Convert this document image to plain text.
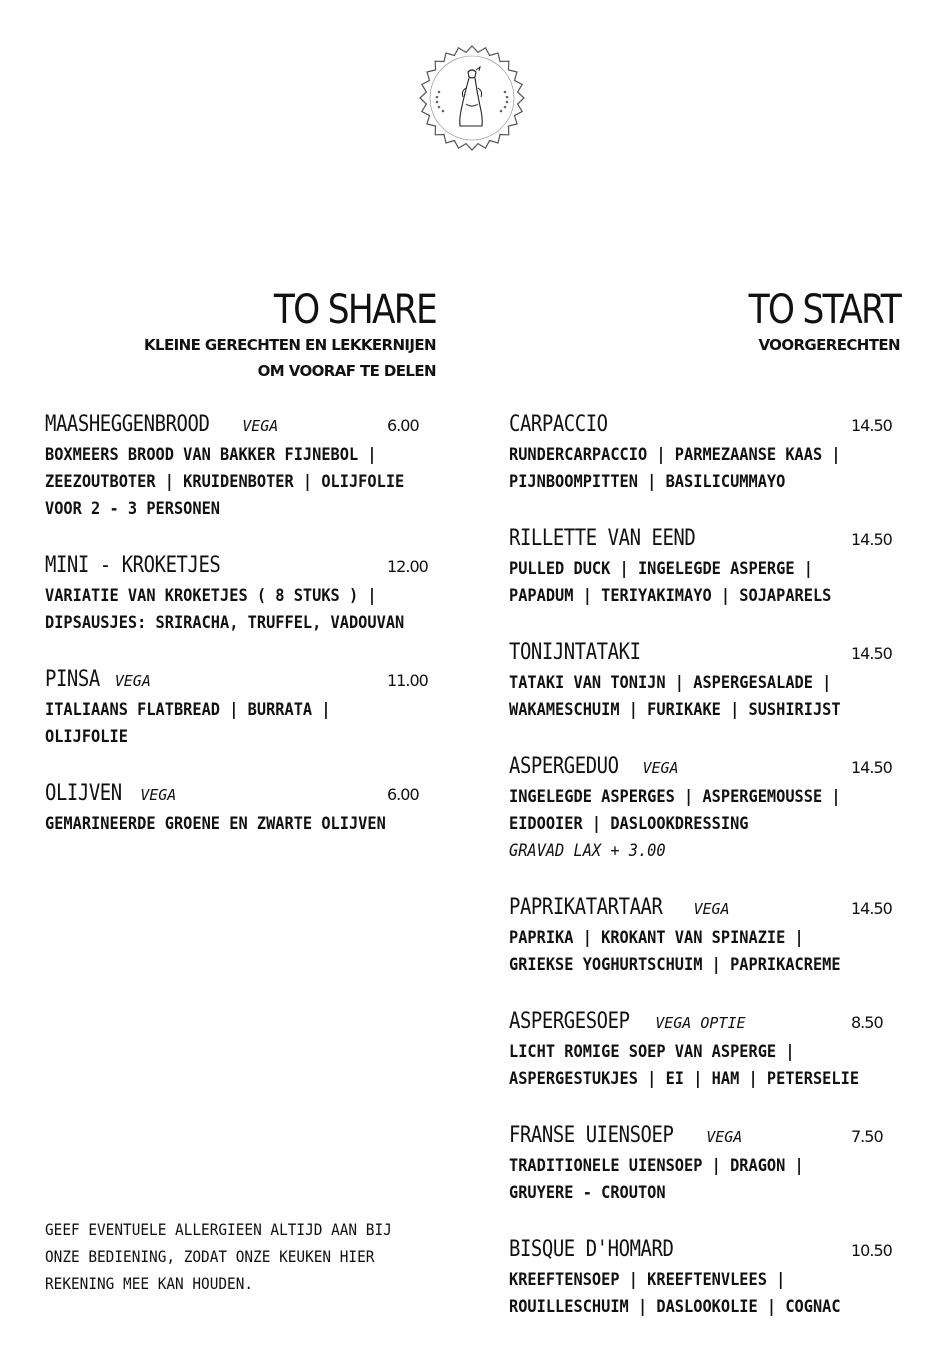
TO SHARE
KLEINE GERECHTEN EN LEKKERNIJEN
OM VOORAF TE DELEN
TO START
VOORGERECHTEN
MAASHEGGENBROOD VEGA	6.00
BOXMEERS BROOD VAN BAKKER FIJNEBOL |
ZEEZOUTBOTER | KRUIDENBOTER | OLIJFOLIE
VOOR 2 - 3 PERSONEN
MINI - KROKETJES	12.00
VARIATIE VAN KROKETJES ( 8 STUKS ) |
DIPSAUSJES: SRIRACHA, TRUFFEL, VADOUVAN
PINSA VEGA	11.00
ITALIAANS FLATBREAD | BURRATA |
OLIJFOLIE
OLIJVEN VEGA	6.00
GEMARINEERDE GROENE EN ZWARTE OLIJVEN
CARPACCIO	14.50
RUNDERCARPACCIO | PARMEZAANSE KAAS |
PIJNBOOMPITTEN | BASILICUMMAYO
RILLETTE VAN EEND	14.50
PULLED DUCK | INGELEGDE ASPERGE |
PAPADUM | TERIYAKIMAYO | SOJAPARELS
TONIJNTATAKI	14.50
TATAKI VAN TONIJN | ASPERGESALADE |
WAKAMESCHUIM | FURIKAKE | SUSHIRIJST
ASPERGEDUO VEGA	14.50
INGELEGDE ASPERGES | ASPERGEMOUSSE |
EIDOOIER | DASLOOKDRESSING
GRAVAD LAX + 3.00
PAPRIKATARTAAR VEGA	14.50
PAPRIKA | KROKANT VAN SPINAZIE |
GRIEKSE YOGHURTSCHUIM | PAPRIKACREME
ASPERGESOEP VEGA OPTIE	8.50
LICHT ROMIGE SOEP VAN ASPERGE |
ASPERGESTUKJES | EI | HAM | PETERSELIE
FRANSE UIENSOEP VEGA	7.50
TRADITIONELE UIENSOEP | DRAGON |
GRUYERE - CROUTON
BISQUE D'HOMARD	10.50
KREEFTENSOEP | KREEFTENVLEES |
ROUILLESCHUIM | DASLOOKOLIE | COGNAC
GEEF EVENTUELE ALLERGIEEN ALTIJD AAN BIJ
ONZE BEDIENING, ZODAT ONZE KEUKEN HIER
REKENING MEE KAN HOUDEN.
